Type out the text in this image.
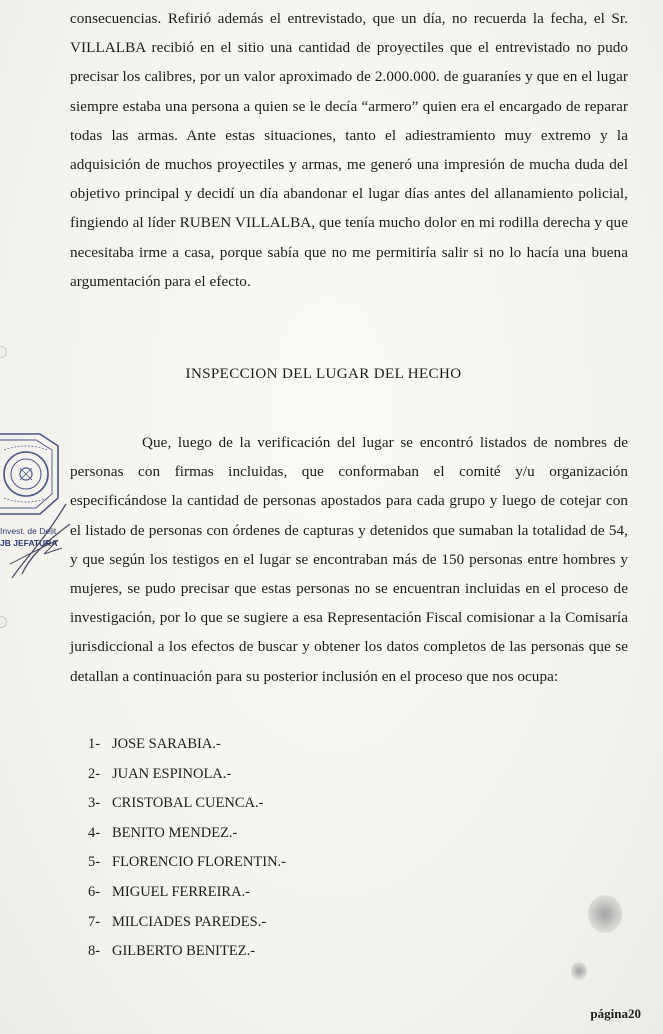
consecuencias. Refirió además el entrevistado, que un día, no recuerda la fecha, el Sr. VILLALBA recibió en el sitio una cantidad de proyectiles que el entrevistado no pudo precisar los calibres, por un valor aproximado de 2.000.000. de guaraníes y que en el lugar siempre estaba una persona a quien se le decía “armero” quien era el encargado de reparar todas las armas. Ante estas situaciones, tanto el adiestramiento muy extremo y la adquisición de muchos proyectiles y armas, me generó una impresión de mucha duda del objetivo principal y decidí un día abandonar el lugar días antes del allanamiento policial, fingiendo al líder RUBEN VILLALBA, que tenía mucho dolor en mi rodilla derecha y que necesitaba irme a casa, porque sabía que no me permitiría salir si no lo hacía una buena argumentación para el efecto.

INSPECCION DEL LUGAR DEL HECHO

Que, luego de la verificación del lugar se encontró listados de nombres de personas con firmas incluidas, que conformaban el comité y/u organización especificándose la cantidad de personas apostados para cada grupo y luego de cotejar con el listado de personas con órdenes de capturas y detenidos que sumaban la totalidad de 54, y que según los testigos en el lugar se encontraban más de 150 personas entre hombres y mujeres, se pudo precisar que estas personas no se encuentran incluidas en el proceso de investigación, por lo que se sugiere a esa Representación Fiscal comisionar a la Comisaría jurisdiccional a los efectos de buscar y obtener los datos completos de las personas que se detallan a continuación para su posterior inclusión en el proceso que nos ocupa:

1- JOSE SARABIA.-
2- JUAN ESPINOLA.-
3- CRISTOBAL CUENCA.-
4- BENITO MENDEZ.-
5- FLORENCIO FLORENTIN.-
6- MIGUEL FERREIRA.-
7- MILCIADES PAREDES.-
8- GILBERTO BENITEZ.-
Invest. de Delit.
JB JEFATURA
página20
